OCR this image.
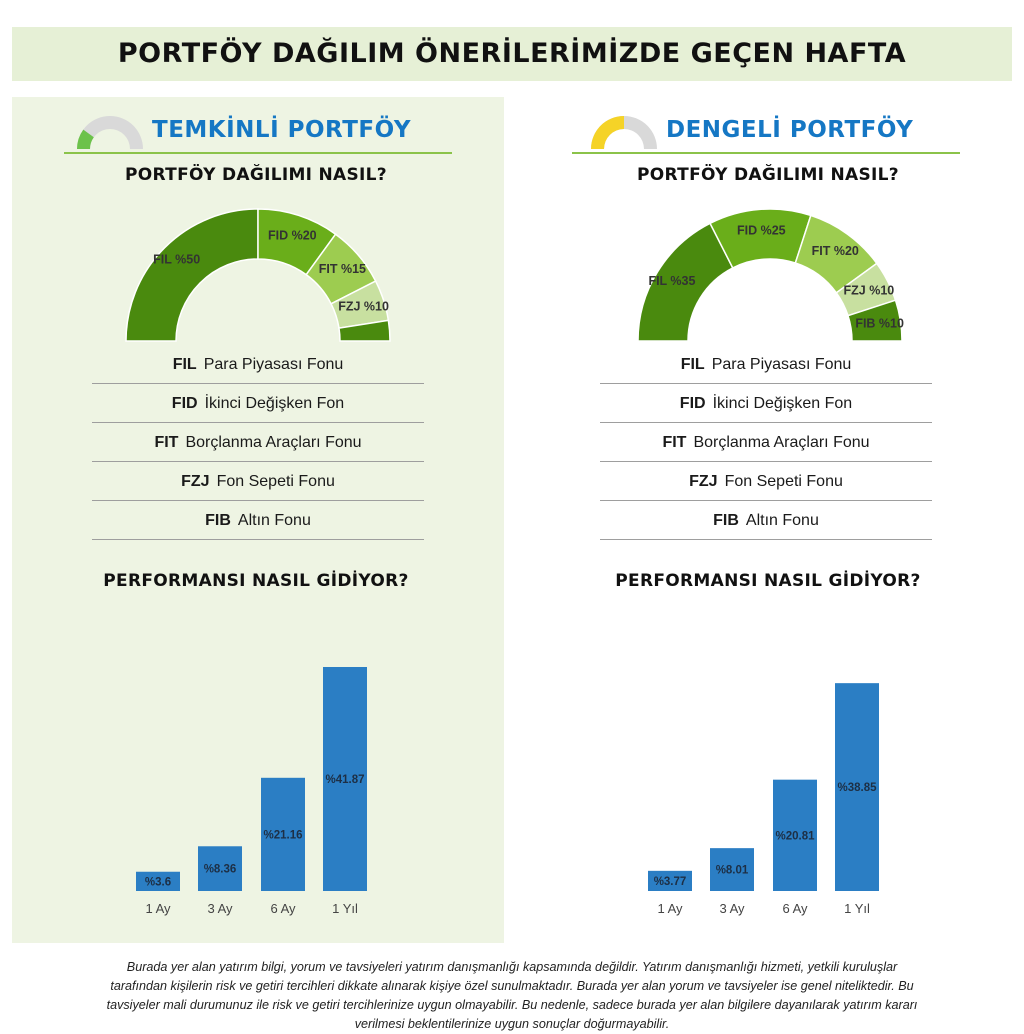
PORTFÖY DAĞILIM ÖNERİLERİMİZDE GEÇEN HAFTA
TEMKİNLİ PORTFÖY
PORTFÖY DAĞILIMI NASIL?
FIL %50
FID %20
FIT %15
FZJ %10
FIL Para Piyasası Fonu
FID İkinci Değişken Fon
FIT Borçlanma Araçları Fonu
FZJ Fon Sepeti Fonu
FIB Altın Fonu
PERFORMANSI NASIL GİDİYOR?
%3.6
1 Ay
%8.36
3 Ay
%21.16
6 Ay
%41.87
1 Yıl
DENGELİ PORTFÖY
PORTFÖY DAĞILIMI NASIL?
FIL %35
FID %25
FIT %20
FZJ %10
FIB %10
FIL Para Piyasası Fonu
FID İkinci Değişken Fon
FIT Borçlanma Araçları Fonu
FZJ Fon Sepeti Fonu
FIB Altın Fonu
PERFORMANSI NASIL GİDİYOR?
%3.77
1 Ay
%8.01
3 Ay
%20.81
6 Ay
%38.85
1 Yıl
Burada yer alan yatırım bilgi, yorum ve tavsiyeleri yatırım danışmanlığı kapsamında değildir. Yatırım danışmanlığı hizmeti, yetkili kuruluşlar
tarafından kişilerin risk ve getiri tercihleri dikkate alınarak kişiye özel sunulmaktadır. Burada yer alan yorum ve tavsiyeler ise genel niteliktedir. Bu
tavsiyeler mali durumunuz ile risk ve getiri tercihlerinize uygun olmayabilir. Bu nedenle, sadece burada yer alan bilgilere dayanılarak yatırım kararı
verilmesi beklentilerinize uygun sonuçlar doğurmayabilir.
